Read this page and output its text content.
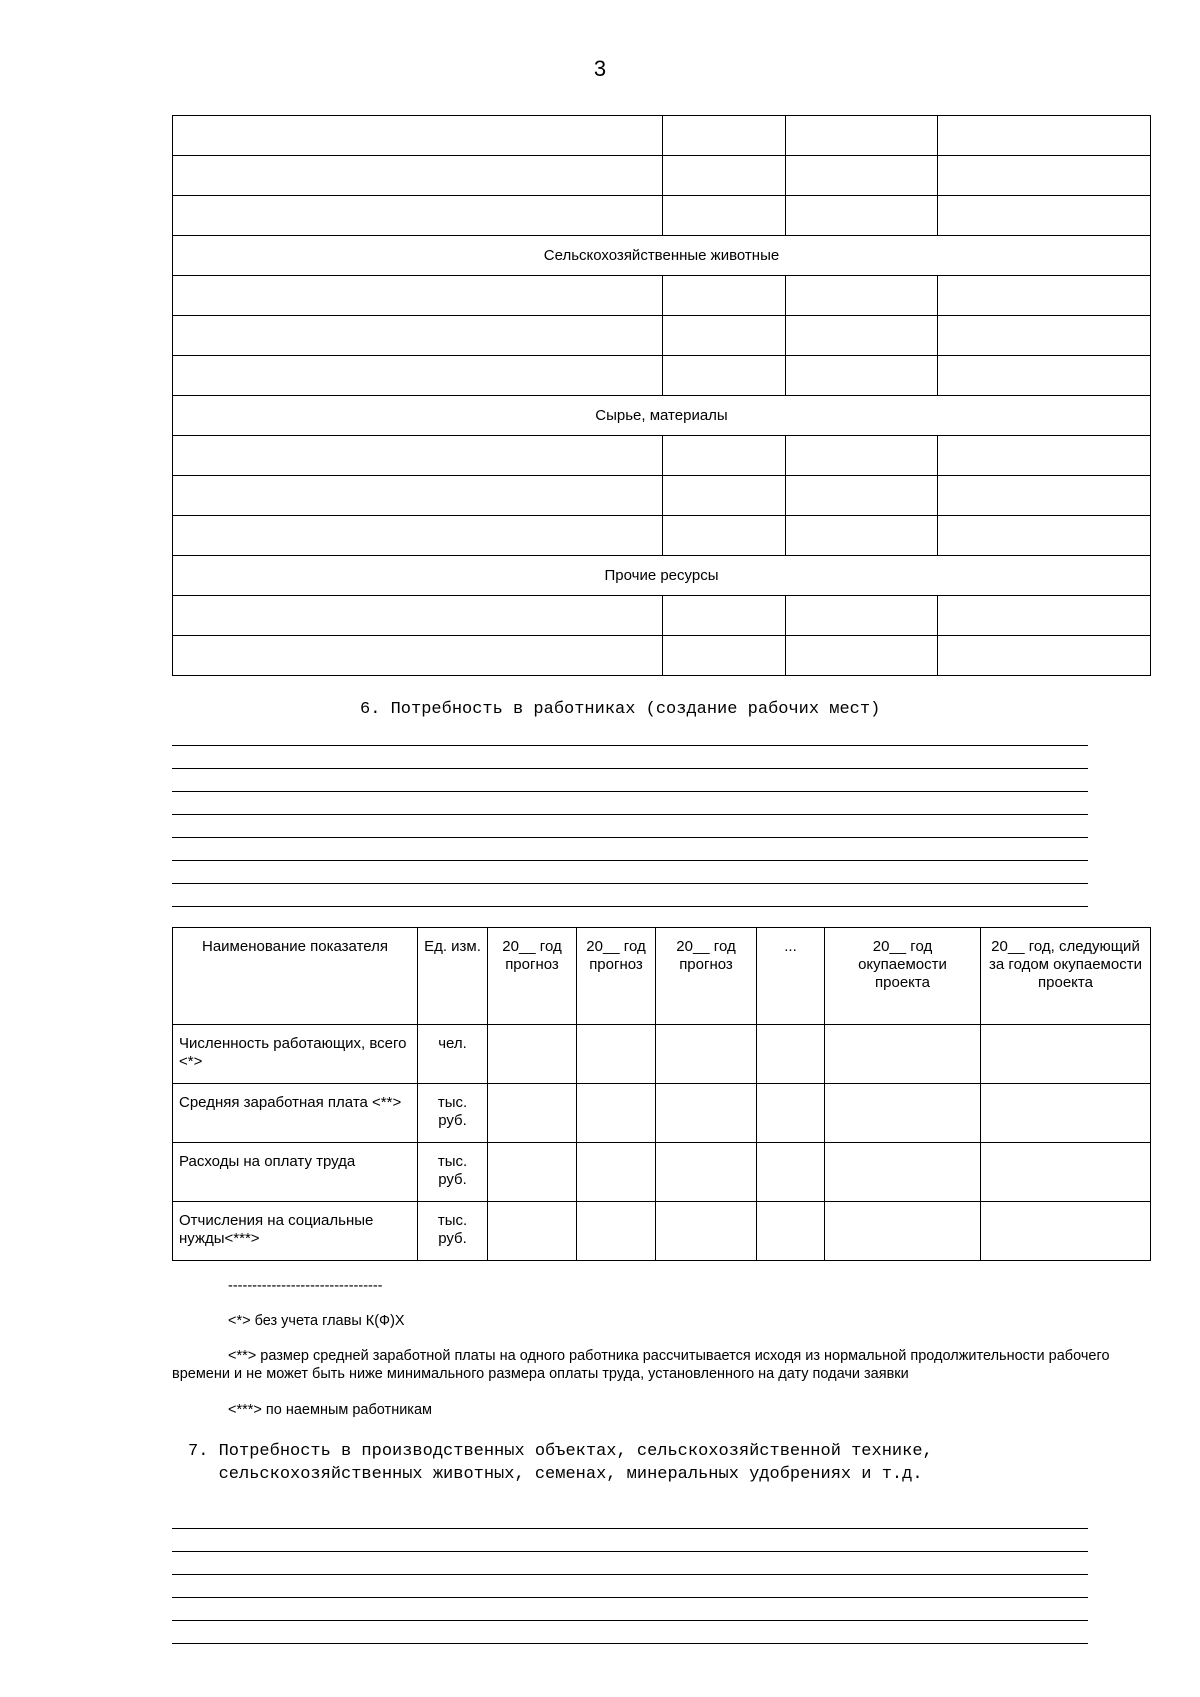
3

Сельскохозяйственные животные			

Сырье, материалы			

Прочие ресурсы			

6. Потребность в работниках (создание рабочих мест)
Наименование показателя	Ед. изм.	20__ год прогноз	20__ год прогноз	20__ год прогноз	...	20__ год окупаемости проекта	20__ год, следующий за годом окупаемости проекта
Численность работающих, всего <*>	чел.						
Средняя заработная плата <**>	тыс. руб.						
Расходы на оплату труда	тыс. руб.						
Отчисления на социальные нужды<***>	тыс. руб.						
--------------------------------
<*> без учета главы К(Ф)Х
<**> размер средней заработной платы на одного работника рассчитывается исходя из нормальной продолжительности рабочего времени и не может быть ниже минимального размера оплаты труда, установленного на дату подачи заявки
<***> по наемным работникам
7. Потребность в производственных объектах, сельскохозяйственной технике,
сельскохозяйственных животных, семенах, минеральных удобрениях и т.д.
